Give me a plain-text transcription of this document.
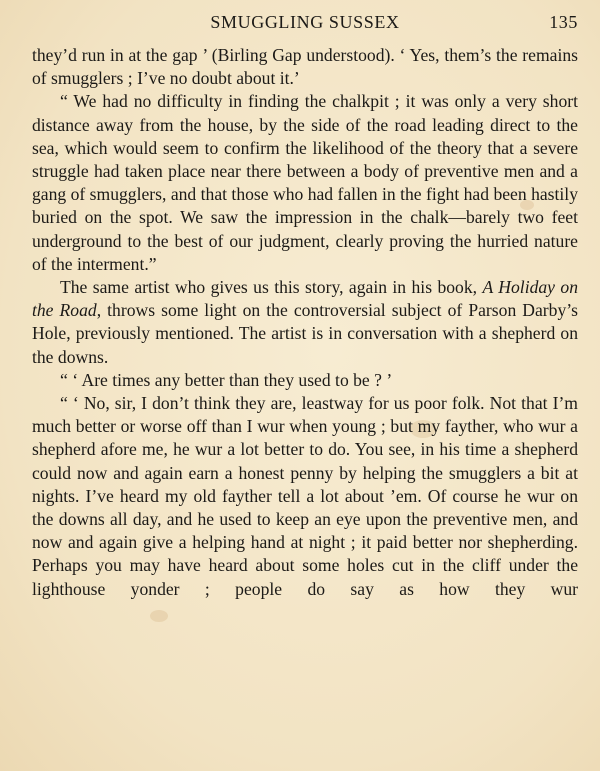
SMUGGLING SUSSEX	135

they’d run in at the gap ’ (Birling Gap understood). ‘ Yes, them’s the remains of smugglers ; I’ve no doubt about it.’

“ We had no difficulty in finding the chalkpit ; it was only a very short distance away from the house, by the side of the road leading direct to the sea, which would seem to confirm the likelihood of the theory that a severe struggle had taken place near there between a body of preventive men and a gang of smugglers, and that those who had fallen in the fight had been hastily buried on the spot. We saw the impression in the chalk—barely two feet underground to the best of our judgment, clearly proving the hurried nature of the interment.”

The same artist who gives us this story, again in his book, A Holiday on the Road, throws some light on the controversial subject of Parson Darby’s Hole, previously mentioned. The artist is in conversation with a shepherd on the downs.

“ ‘ Are times any better than they used to be ? ’

“ ‘ No, sir, I don’t think they are, leastway for us poor folk. Not that I’m much better or worse off than I wur when young ; but my fayther, who wur a shepherd afore me, he wur a lot better to do. You see, in his time a shepherd could now and again earn a honest penny by helping the smugglers a bit at nights. I’ve heard my old fayther tell a lot about ’em. Of course he wur on the downs all day, and he used to keep an eye upon the preventive men, and now and again give a helping hand at night ; it paid better nor shepherding. Perhaps you may have heard about some holes cut in the cliff under the lighthouse yonder ; people do say as how they wur
